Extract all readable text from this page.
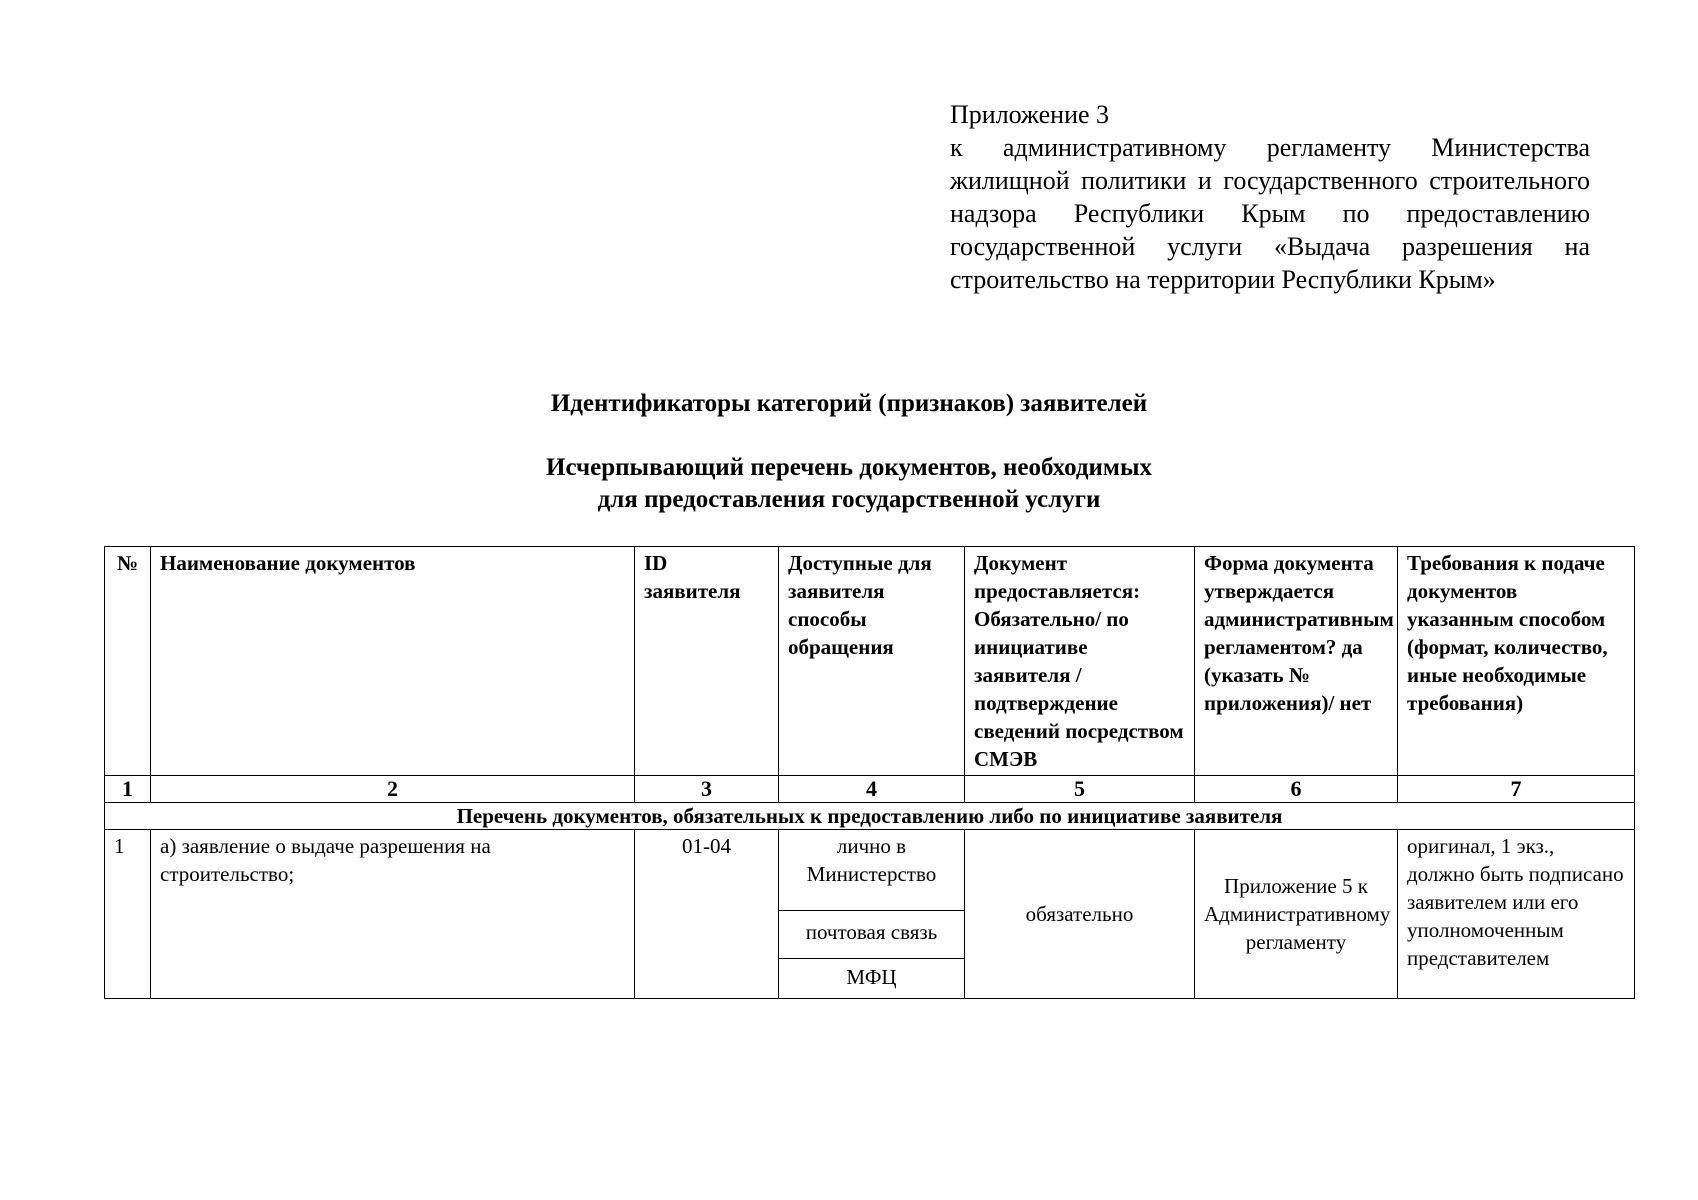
Приложение 3
к административному регламенту Министерства жилищной политики и государственного строительного надзора Республики Крым по предоставлению государственной услуги «Выдача разрешения на строительство на территории Республики Крым»
Идентификаторы категорий (признаков) заявителей
Исчерпывающий перечень документов, необходимых
для предоставления государственной услуги
№	Наименование документов	ID заявителя	Доступные для заявителя способы обращения	Документ предоставляется: Обязательно/ по инициативе заявителя /подтверждение сведений посредством СМЭВ	Форма документа утверждается административным регламентом? да (указать № приложения)/ нет	Требования к подаче документов указанным способом (формат, количество, иные необходимые требования)
1	2	3	4	5	6	7
Перечень документов, обязательных к предоставлению либо по инициативе заявителя						
1	а) заявление о выдаче разрешения на строительство;	01-04	лично в Министерство
почтовая связь
МФЦ	обязательно	Приложение 5 к Административному регламенту	оригинал, 1 экз., должно быть подписано заявителем или его уполномоченным представителем
